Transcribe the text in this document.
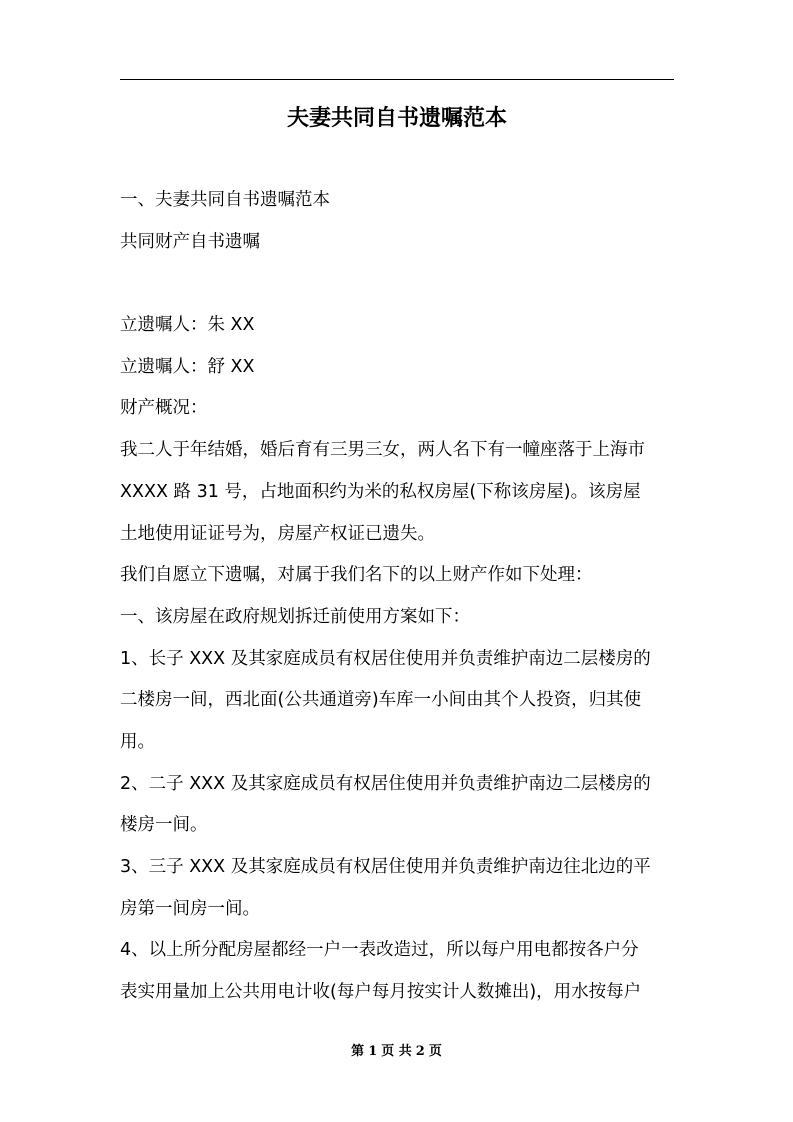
夫妻共同自书遗嘱范本

一、夫妻共同自书遗嘱范本

共同财产自书遗嘱

立遗嘱人：朱 XX

立遗嘱人：舒 XX

财产概况：

我二人于年结婚，婚后育有三男三女，两人名下有一幢座落于上海市

XXXX 路 31 号，占地面积约为米的私权房屋(下称该房屋)。该房屋

土地使用证证号为，房屋产权证已遗失。

我们自愿立下遗嘱，对属于我们名下的以上财产作如下处理：

一、该房屋在政府规划拆迁前使用方案如下：

1、长子 XXX 及其家庭成员有权居住使用并负责维护南边二层楼房的

二楼房一间，西北面(公共通道旁)车库一小间由其个人投资，归其使

用。

2、二子 XXX 及其家庭成员有权居住使用并负责维护南边二层楼房的

楼房一间。

3、三子 XXX 及其家庭成员有权居住使用并负责维护南边往北边的平

房第一间房一间。

4、以上所分配房屋都经一户一表改造过，所以每户用电都按各户分

表实用量加上公共用电计收(每户每月按实计人数摊出)，用水按每户

第 1 页 共 2 页
